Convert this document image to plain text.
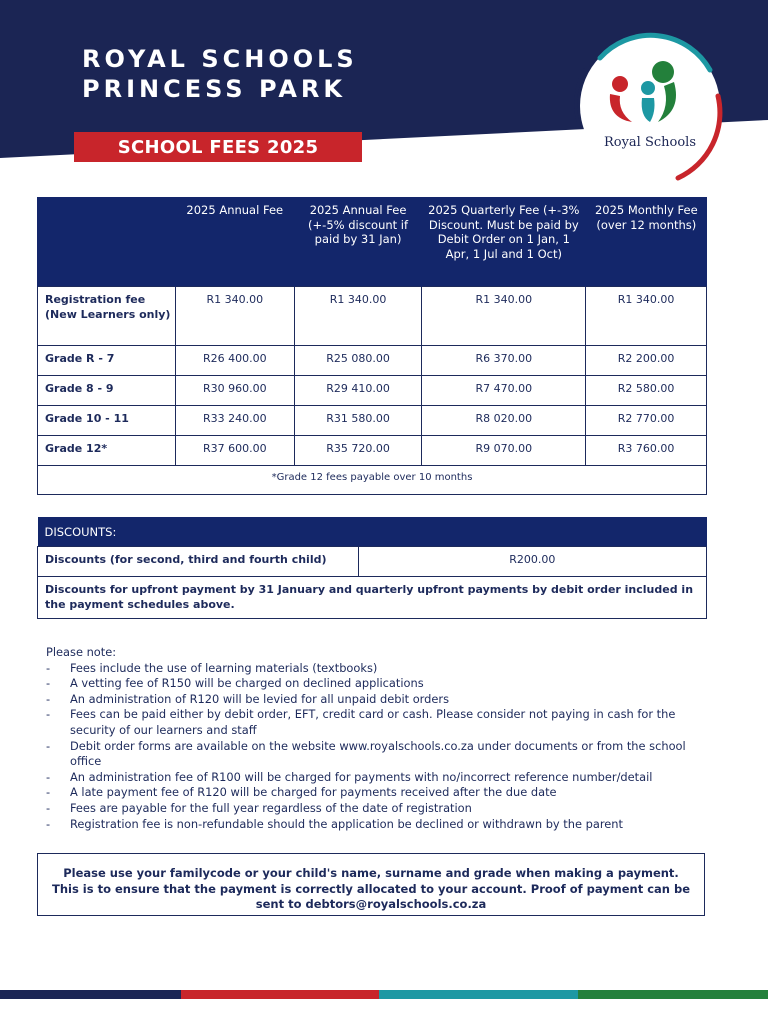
ROYAL SCHOOLS
PRINCESS PARK
SCHOOL FEES 2025	Royal Schools
	2025 Annual Fee	2025 Annual Fee (+-5% discount if paid by 31 Jan)	2025 Quarterly Fee (+-3% Discount. Must be paid by Debit Order on 1 Jan, 1 Apr, 1 Jul and 1 Oct)	2025 Monthly Fee (over 12 months)
Registration fee (New Learners only)	R1 340.00	R1 340.00	R1 340.00	R1 340.00
Grade R - 7	R26 400.00	R25 080.00	R6 370.00	R2 200.00
Grade 8 - 9	R30 960.00	R29 410.00	R7 470.00	R2 580.00
Grade 10 - 11	R33 240.00	R31 580.00	R8 020.00	R2 770.00
Grade 12*	R37 600.00	R35 720.00	R9 070.00	R3 760.00
*Grade 12 fees payable over 10 months				
DISCOUNTS:
Discounts (for second, third and fourth child)	R200.00
Discounts for upfront payment by 31 January and quarterly upfront payments by debit order included in the payment schedules above.
Please note:
- Fees include the use of learning materials (textbooks)
- A vetting fee of R150 will be charged on declined applications
- An administration of R120 will be levied for all unpaid debit orders
- Fees can be paid either by debit order, EFT, credit card or cash. Please consider not paying in cash for the security of our learners and staff
- Debit order forms are available on the website www.royalschools.co.za under documents or from the school office
- An administration fee of R100 will be charged for payments with no/incorrect reference number/detail
- A late payment fee of R120 will be charged for payments received after the due date
- Fees are payable for the full year regardless of the date of registration
- Registration fee is non-refundable should the application be declined or withdrawn by the parent
Please use your familycode or your child's name, surname and grade when making a payment. This is to ensure that the payment is correctly allocated to your account. Proof of payment can be sent to debtors@royalschools.co.za
